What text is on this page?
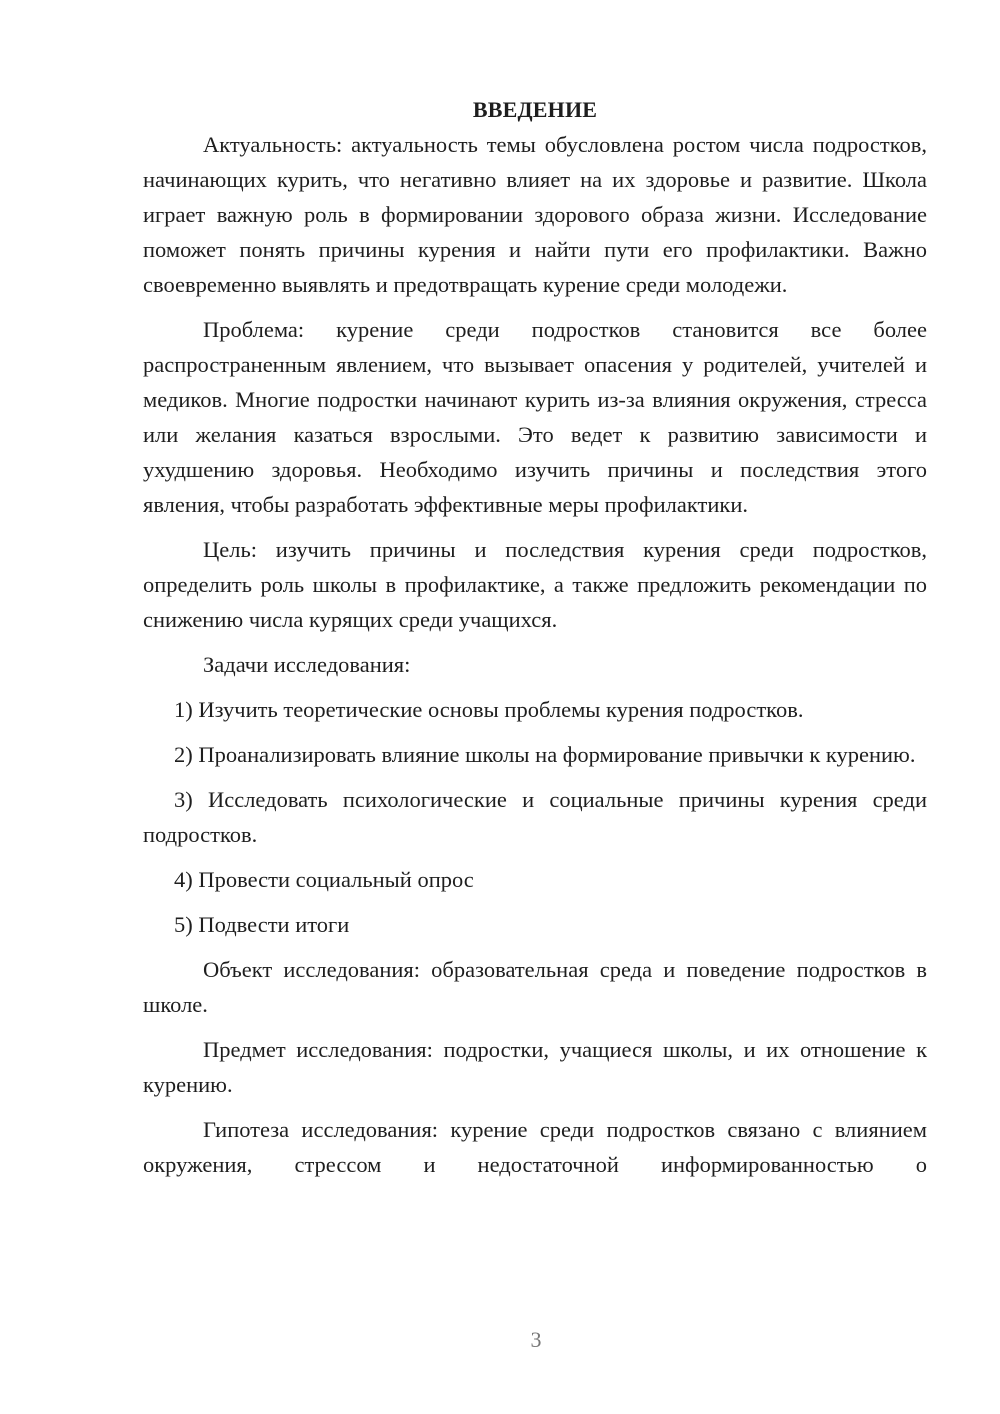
ВВЕДЕНИЕ

Актуальность: актуальность темы обусловлена ростом числа подростков, начинающих курить, что негативно влияет на их здоровье и развитие. Школа играет важную роль в формировании здорового образа жизни. Исследование поможет понять причины курения и найти пути его профилактики. Важно своевременно выявлять и предотвращать курение среди молодежи.

Проблема: курение среди подростков становится все более распространенным явлением, что вызывает опасения у родителей, учителей и медиков. Многие подростки начинают курить из-за влияния окружения, стресса или желания казаться взрослыми. Это ведет к развитию зависимости и ухудшению здоровья. Необходимо изучить причины и последствия этого явления, чтобы разработать эффективные меры профилактики.

Цель: изучить причины и последствия курения среди подростков, определить роль школы в профилактике, а также предложить рекомендации по снижению числа курящих среди учащихся.

Задачи исследования:

1) Изучить теоретические основы проблемы курения подростков.

2) Проанализировать влияние школы на формирование привычки к курению.

3) Исследовать психологические и социальные причины курения среди подростков.

4) Провести социальный опрос

5) Подвести итоги

Объект исследования: образовательная среда и поведение подростков в школе.

Предмет исследования: подростки, учащиеся школы, и их отношение к курению.

Гипотеза исследования: курение среди подростков связано с влиянием окружения, стрессом и недостаточной информированностью о

3
